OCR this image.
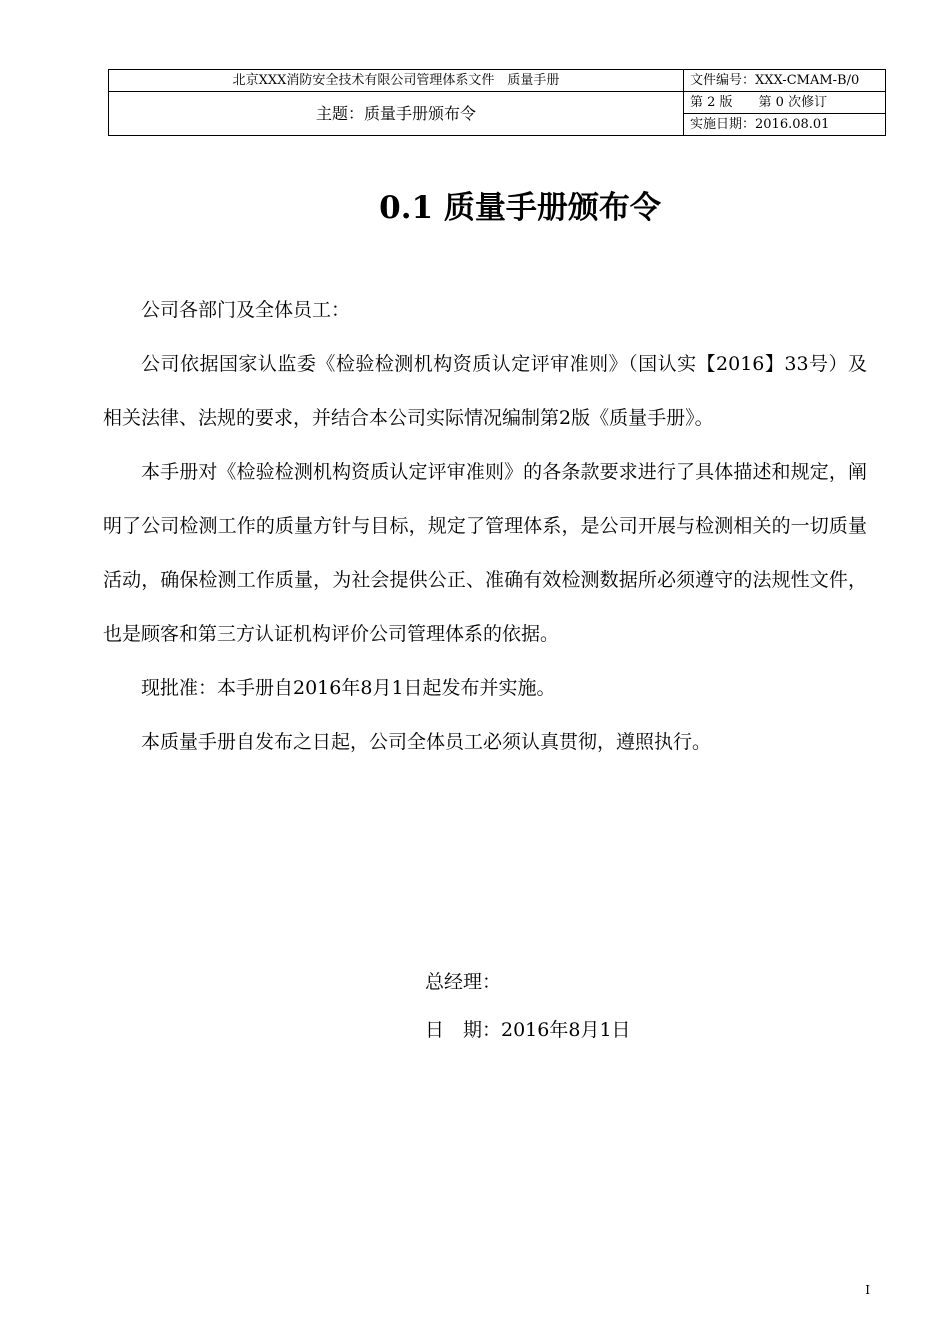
北京XXX消防安全技术有限公司管理体系文件　质量手册	文件编号：XXX-CMAM-B/0
主题：质量手册颁布令	第 2 版　　第 0 次修订
	实施日期：2016.08.01
0.1 质量手册颁布令

公司各部门及全体员工：

公司依据国家认监委《检验检测机构资质认定评审准则》（国认实【2016】33号）及相关法律、法规的要求，并结合本公司实际情况编制第2版《质量手册》。

本手册对《检验检测机构资质认定评审准则》的各条款要求进行了具体描述和规定，阐明了公司检测工作的质量方针与目标，规定了管理体系，是公司开展与检测相关的一切质量活动，确保检测工作质量，为社会提供公正、准确有效检测数据所必须遵守的法规性文件，也是顾客和第三方认证机构评价公司管理体系的依据。

现批准：本手册自2016年8月1日起发布并实施。

本质量手册自发布之日起，公司全体员工必须认真贯彻，遵照执行。

总经理：
日　期：2016年8月1日
I
